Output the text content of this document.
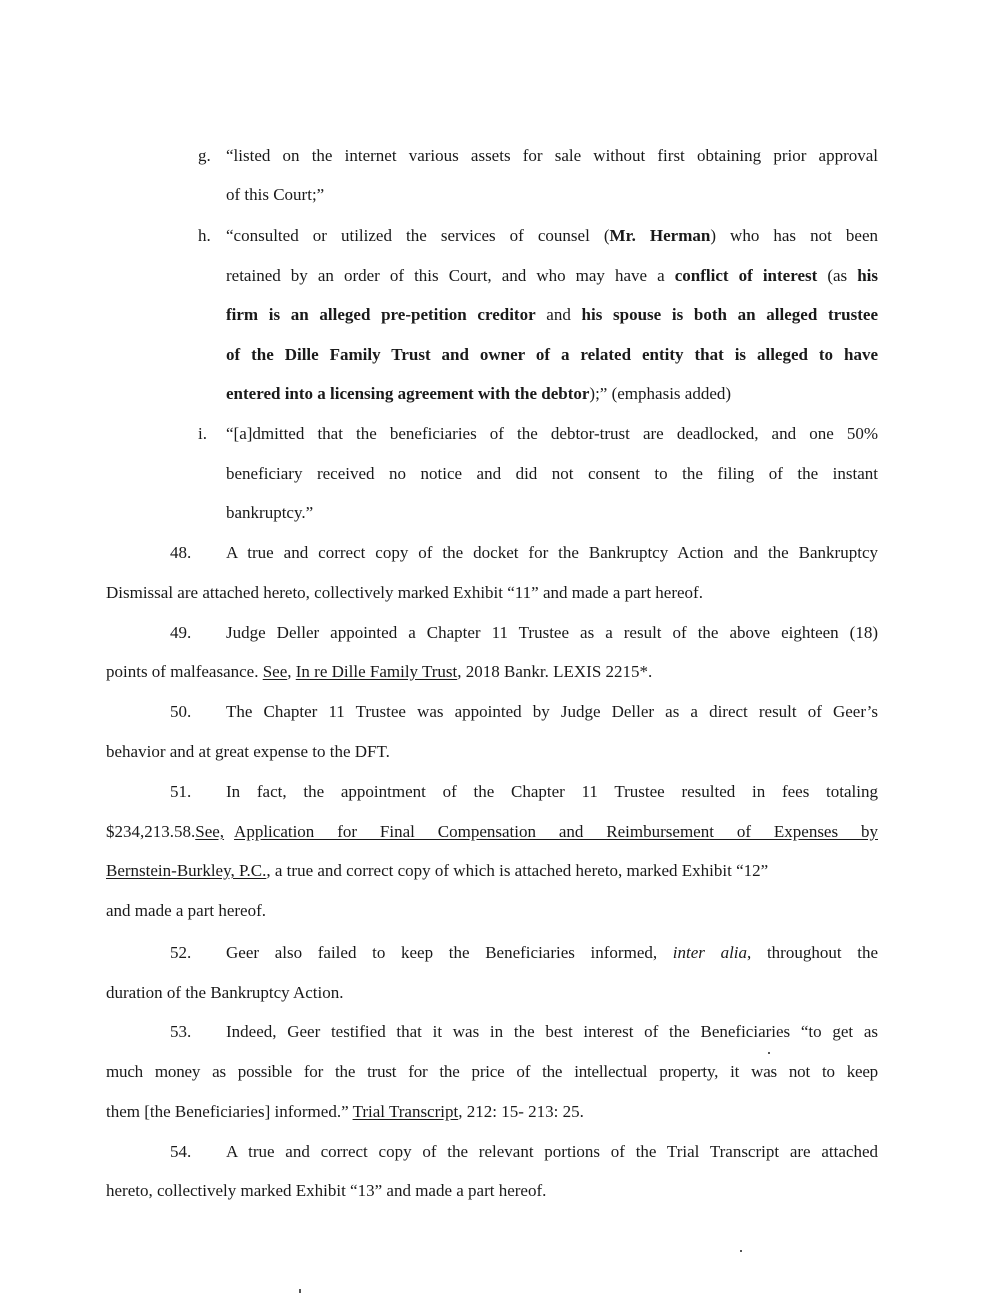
g. “listed on the internet various assets for sale without first obtaining prior approval
of this Court;”
h. “consulted or utilized the services of counsel (Mr. Herman) who has not been
retained by an order of this Court, and who may have a conflict of interest (as his
firm is an alleged pre-petition creditor and his spouse is both an alleged trustee
of the Dille Family Trust and owner of a related entity that is alleged to have
entered into a licensing agreement with the debtor);” (emphasis added)
i. “[a]dmitted that the beneficiaries of the debtor-trust are deadlocked, and one 50%
beneficiary received no notice and did not consent to the filing of the instant
bankruptcy.”
48. A true and correct copy of the docket for the Bankruptcy Action and the Bankruptcy
Dismissal are attached hereto, collectively marked Exhibit “11” and made a part hereof.
49. Judge Deller appointed a Chapter 11 Trustee as a result of the above eighteen (18)
points of malfeasance. See, In re Dille Family Trust, 2018 Bankr. LEXIS 2215*.
50. The Chapter 11 Trustee was appointed by Judge Deller as a direct result of Geer’s
behavior and at great expense to the DFT.
51. In fact, the appointment of the Chapter 11 Trustee resulted in fees totaling
$234,213.58. See, Application for Final Compensation and Reimbursement of Expenses by
Bernstein-Burkley, P.C., a true and correct copy of which is attached hereto, marked Exhibit “12”
and made a part hereof.
52. Geer also failed to keep the Beneficiaries informed, inter alia, throughout the
duration of the Bankruptcy Action.
53. Indeed, Geer testified that it was in the best interest of the Beneficiaries “to get as
much money as possible for the trust for the price of the intellectual property, it was not to keep
them [the Beneficiaries] informed.” Trial Transcript, 212: 15- 213: 25.
54. A true and correct copy of the relevant portions of the Trial Transcript are attached
hereto, collectively marked Exhibit “13” and made a part hereof.
